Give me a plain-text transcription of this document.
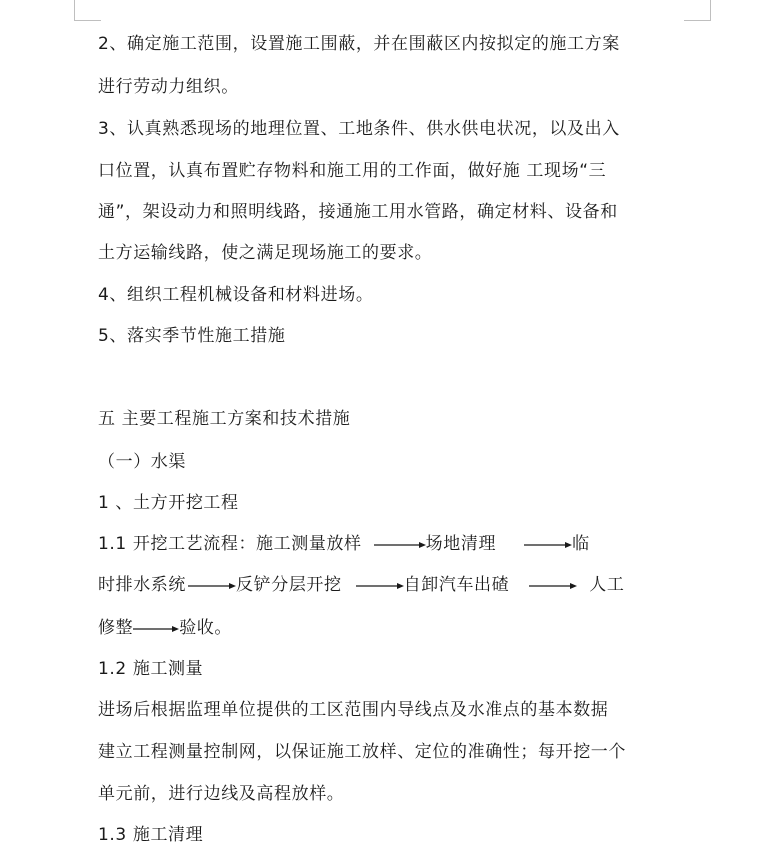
2、确定施工范围，设置施工围蔽，并在围蔽区内按拟定的施工方案
进行劳动力组织。
3、认真熟悉现场的地理位置、工地条件、供水供电状况，以及出入
口位置，认真布置贮存物料和施工用的工作面，做好施 工现场“三
通”，架设动力和照明线路，接通施工用水管路，确定材料、设备和
土方运输线路，使之满足现场施工的要求。
4、组织工程机械设备和材料进场。
5、落实季节性施工措施
五 主要工程施工方案和技术措施
（一）水渠
1 、土方开挖工程
1.1 开挖工艺流程：施工测量放样	场地清理	临
时排水系统	反铲分层开挖	自卸汽车出碴	人工
修整	验收。
1.2 施工测量
进场后根据监理单位提供的工区范围内导线点及水准点的基本数据
建立工程测量控制网，以保证施工放样、定位的准确性；每开挖一个
单元前，进行边线及高程放样。
1.3 施工清理
